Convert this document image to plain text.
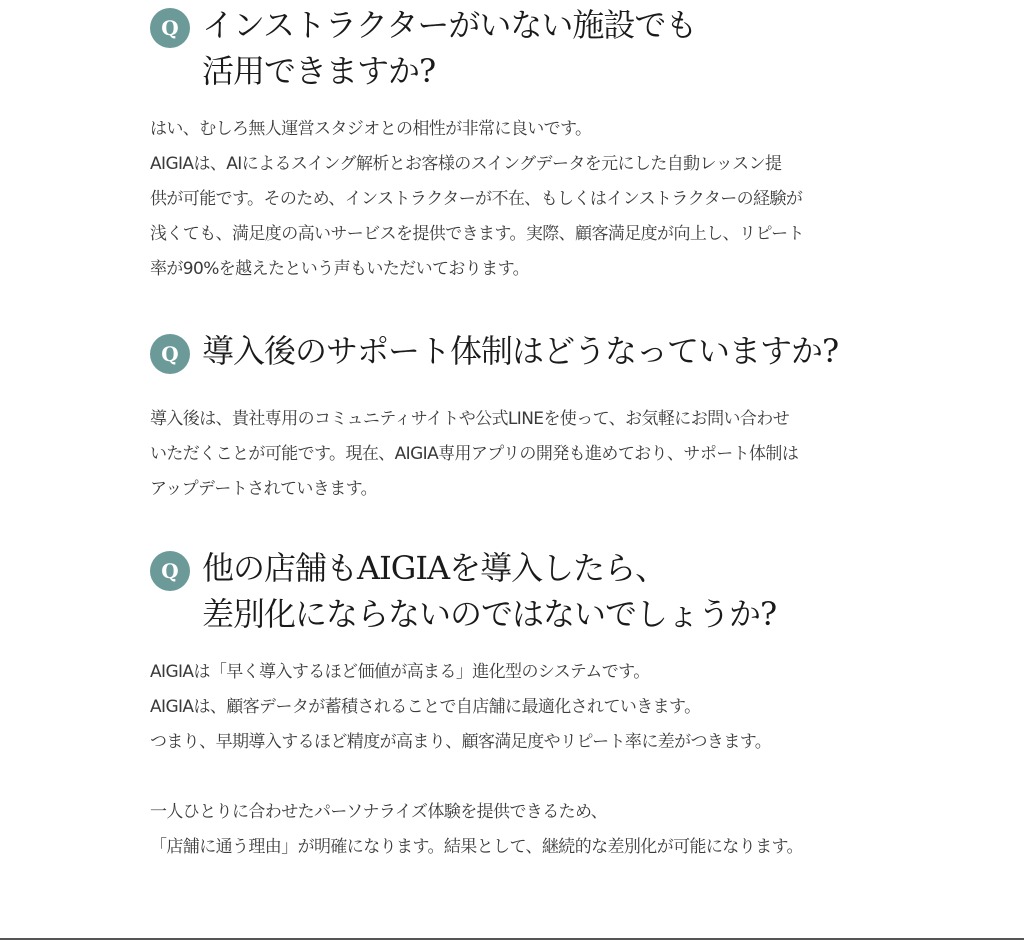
Q インストラクターがいない施設でも
活用できますか?
はい、むしろ無人運営スタジオとの相性が非常に良いです。
AIGIAは、AIによるスイング解析とお客様のスイングデータを元にした自動レッスン提
供が可能です。そのため、インストラクターが不在、もしくはインストラクターの経験が
浅くても、満足度の高いサービスを提供できます。実際、顧客満足度が向上し、リピート
率が90%を越えたという声もいただいております。
Q 導入後のサポート体制はどうなっていますか?
導入後は、貴社専用のコミュニティサイトや公式LINEを使って、お気軽にお問い合わせ
いただくことが可能です。現在、AIGIA専用アプリの開発も進めており、サポート体制は
アップデートされていきます。
Q 他の店舗もAIGIAを導入したら、
差別化にならないのではないでしょうか?
AIGIAは「早く導入するほど価値が高まる」進化型のシステムです。
AIGIAは、顧客データが蓄積されることで自店舗に最適化されていきます。
つまり、早期導入するほど精度が高まり、顧客満足度やリピート率に差がつきます。
一人ひとりに合わせたパーソナライズ体験を提供できるため、
「店舗に通う理由」が明確になります。結果として、継続的な差別化が可能になります。
